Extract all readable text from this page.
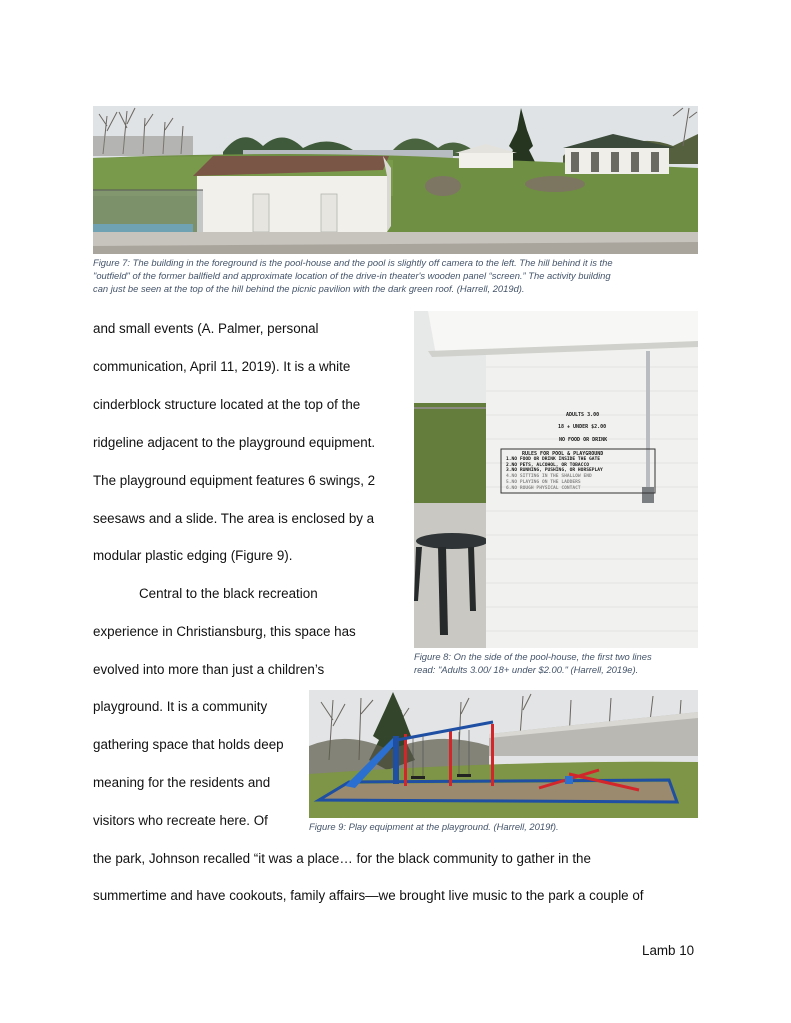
Figure 7: The building in the foreground is the pool-house and the pool is slightly off camera to the left. The hill behind it is the
"outfield" of the former ballfield and approximate location of the drive-in theater's wooden panel “screen.” The activity building
can just be seen at the top of the hill behind the picnic pavilion with the dark green roof. (Harrell, 2019d).
ADULTS 3.00
18 + UNDER $2.00
NO FOOD OR DRINK
RULES FOR POOL & PLAYGROUND
1.NO FOOD OR DRINK INSIDE THE GATE
2.NO PETS, ALCOHOL, OR TOBACCO
3.NO RUNNING, PUSHING, OR HORSEPLAY
4.NO SITTING IN THE SHALLOW END
5.NO PLAYING ON THE LADDERS
6.NO ROUGH PHYSICAL CONTACT
Figure 8: On the side of the pool-house, the first two lines
read: "Adults 3.00/ 18+ under $2.00." (Harrell, 2019e).
Figure 9: Play equipment at the playground. (Harrell, 2019f).
and small events (A. Palmer, personal
communication, April 11, 2019). It is a white
cinderblock structure located at the top of the
ridgeline adjacent to the playground equipment.
The playground equipment features 6 swings, 2
seesaws and a slide. The area is enclosed by a
modular plastic edging (Figure 9).
Central to the black recreation
experience in Christiansburg, this space has
evolved into more than just a children’s
playground. It is a community
gathering space that holds deep
meaning for the residents and
visitors who recreate here. Of
the park, Johnson recalled “it was a place… for the black community to gather in the
summertime and have cookouts, family affairs—we brought live music to the park a couple of
Lamb 10
